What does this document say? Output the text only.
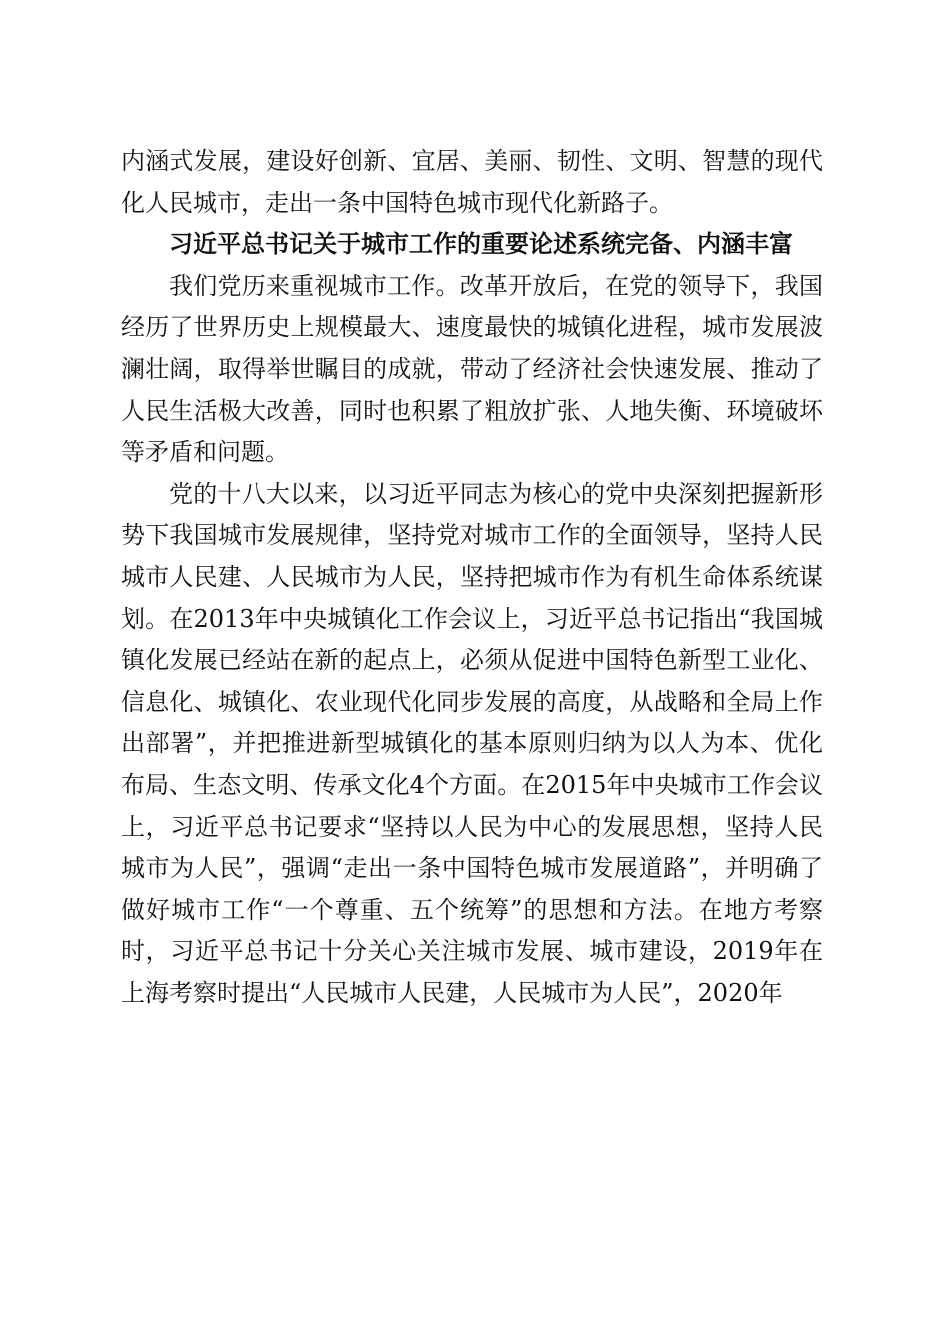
内涵式发展，建设好创新、宜居、美丽、韧性、文明、智慧的现代化人民城市，走出一条中国特色城市现代化新路子。

习近平总书记关于城市工作的重要论述系统完备、内涵丰富

我们党历来重视城市工作。改革开放后，在党的领导下，我国经历了世界历史上规模最大、速度最快的城镇化进程，城市发展波澜壮阔，取得举世瞩目的成就，带动了经济社会快速发展、推动了人民生活极大改善，同时也积累了粗放扩张、人地失衡、环境破坏等矛盾和问题。

党的十八大以来，以习近平同志为核心的党中央深刻把握新形势下我国城市发展规律，坚持党对城市工作的全面领导，坚持人民城市人民建、人民城市为人民，坚持把城市作为有机生命体系统谋划。在2013年中央城镇化工作会议上，习近平总书记指出“我国城镇化发展已经站在新的起点上，必须从促进中国特色新型工业化、信息化、城镇化、农业现代化同步发展的高度，从战略和全局上作出部署”，并把推进新型城镇化的基本原则归纳为以人为本、优化布局、生态文明、传承文化4个方面。在2015年中央城市工作会议上，习近平总书记要求“坚持以人民为中心的发展思想，坚持人民城市为人民”，强调“走出一条中国特色城市发展道路”，并明确了做好城市工作“一个尊重、五个统筹”的思想和方法。在地方考察时，习近平总书记十分关心关注城市发展、城市建设，2019年在上海考察时提出“人民城市人民建，人民城市为人民”，2020年
